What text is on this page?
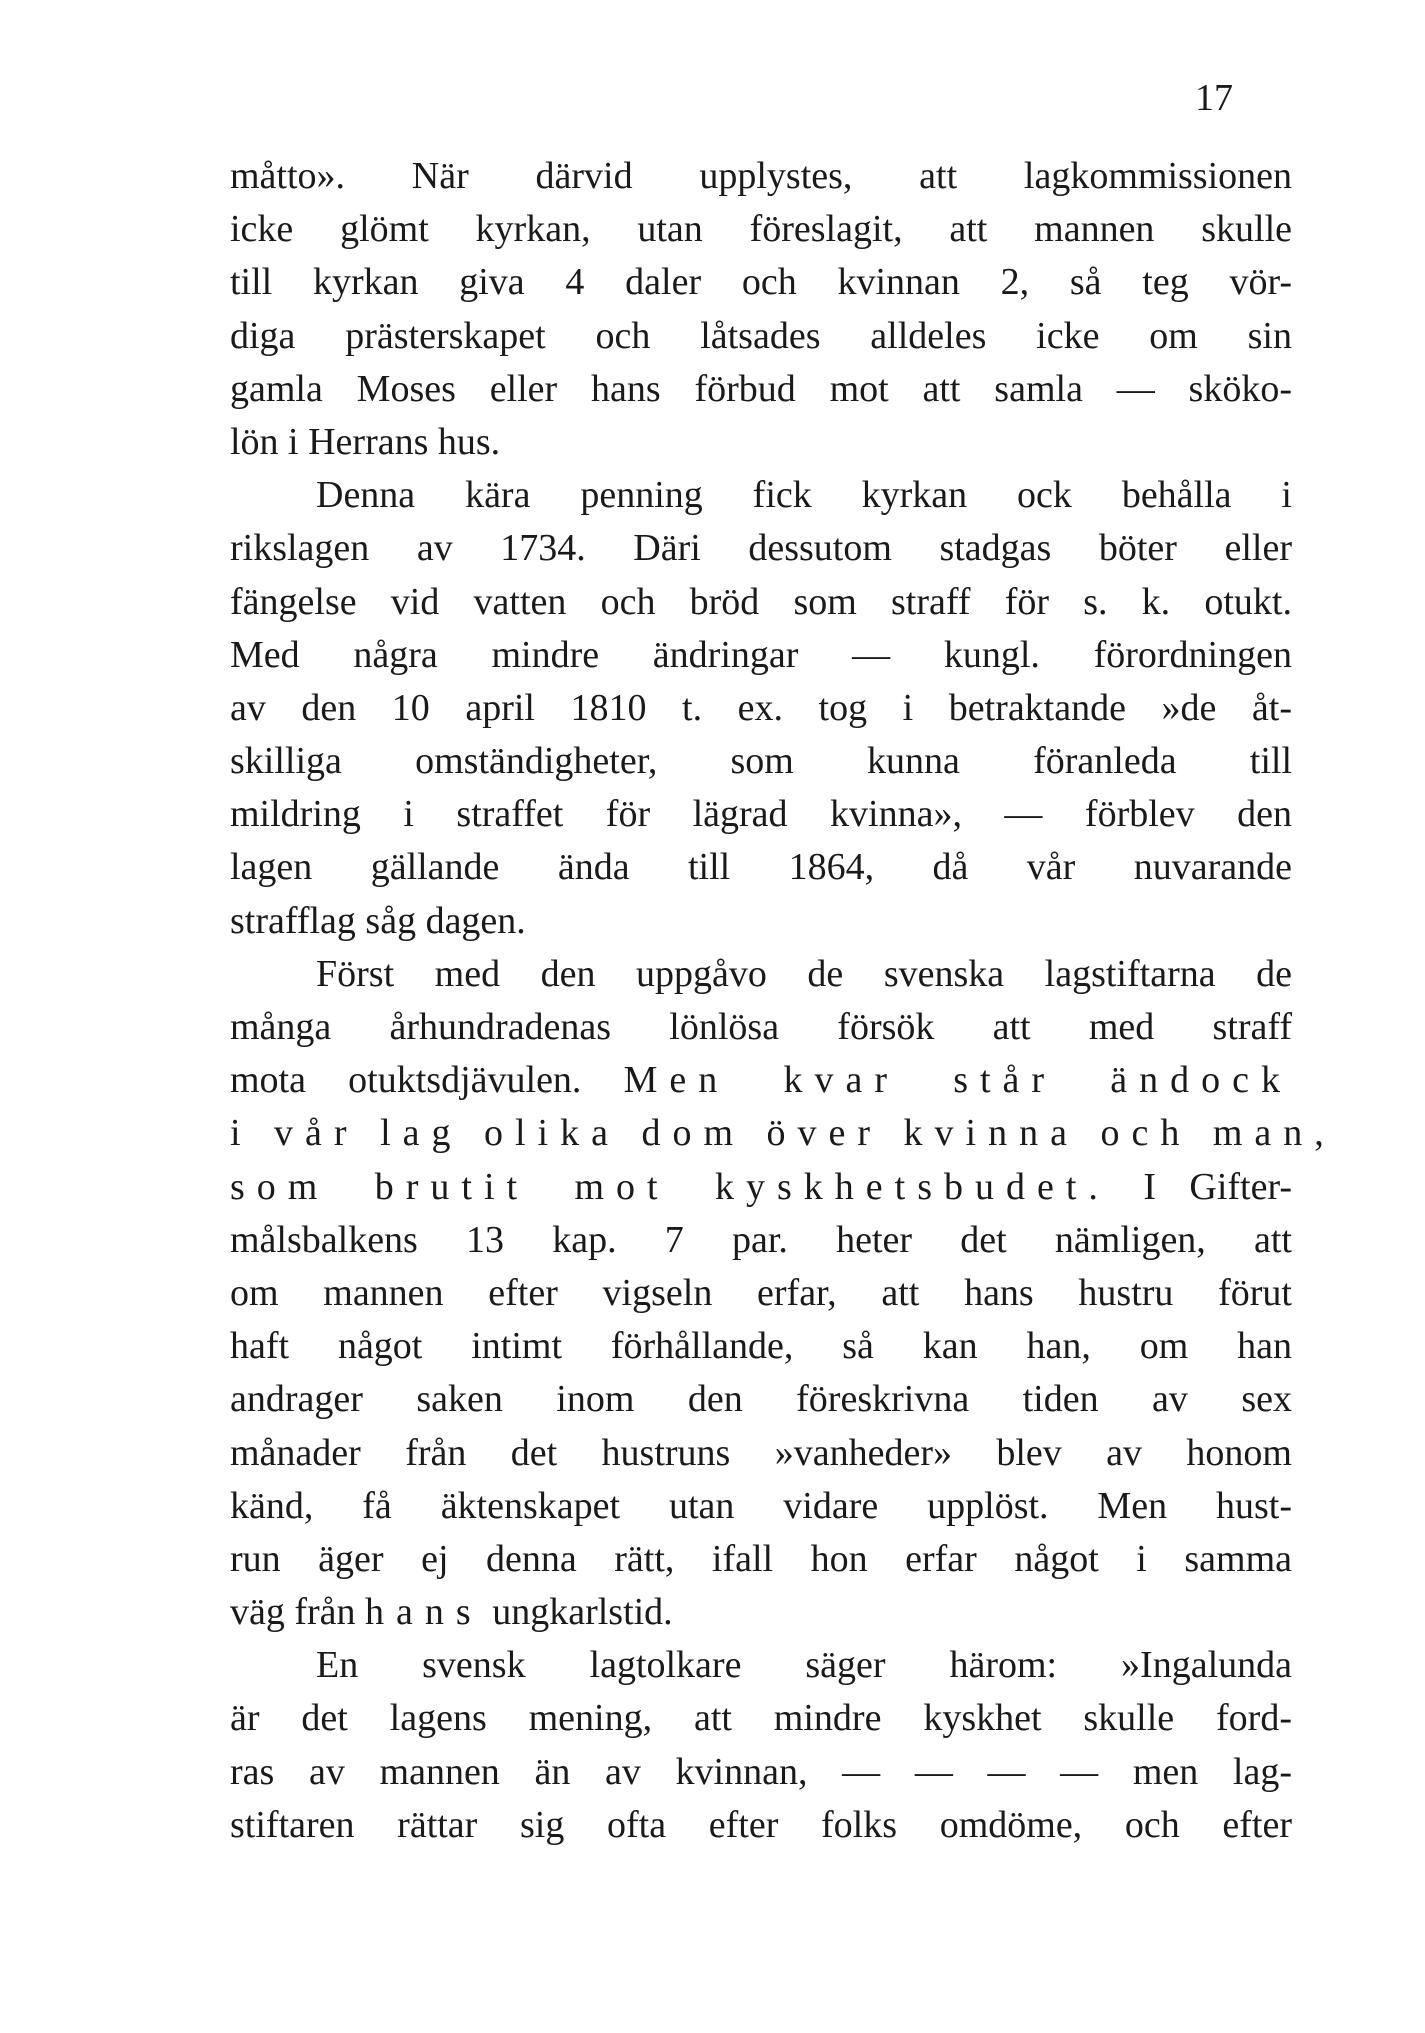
17
måtto». När därvid upplystes, att lagkommissionen
icke glömt kyrkan, utan föreslagit, att mannen skulle
till kyrkan giva 4 daler och kvinnan 2, så teg vör-
diga prästerskapet och låtsades alldeles icke om sin
gamla Moses eller hans förbud mot att samla — sköko-
lön i Herrans hus.
Denna kära penning fick kyrkan ock behålla i
rikslagen av 1734. Däri dessutom stadgas böter eller
fängelse vid vatten och bröd som straff för s. k. otukt.
Med några mindre ändringar — kungl. förordningen
av den 10 april 1810 t. ex. tog i betraktande »de åt-
skilliga omständigheter, som kunna föranleda till
mildring i straffet för lägrad kvinna», — förblev den
lagen gällande ända till 1864, då vår nuvarande
strafflag såg dagen.
Först med den uppgåvo de svenska lagstiftarna de
många århundradenas lönlösa försök att med straff
mota otuktsdjävulen. Men kvar står ändock
i vår lag olika dom över kvinna och man,
som brutit mot kyskhetsbudet. I Gifter-
målsbalkens 13 kap. 7 par. heter det nämligen, att
om mannen efter vigseln erfar, att hans hustru förut
haft något intimt förhållande, så kan han, om han
andrager saken inom den föreskrivna tiden av sex
månader från det hustruns »vanheder» blev av honom
känd, få äktenskapet utan vidare upplöst. Men hust-
run äger ej denna rätt, ifall hon erfar något i samma
väg från hans ungkarlstid.
En svensk lagtolkare säger härom: »Ingalunda
är det lagens mening, att mindre kyskhet skulle ford-
ras av mannen än av kvinnan, — — — — men lag-
stiftaren rättar sig ofta efter folks omdöme, och efter
